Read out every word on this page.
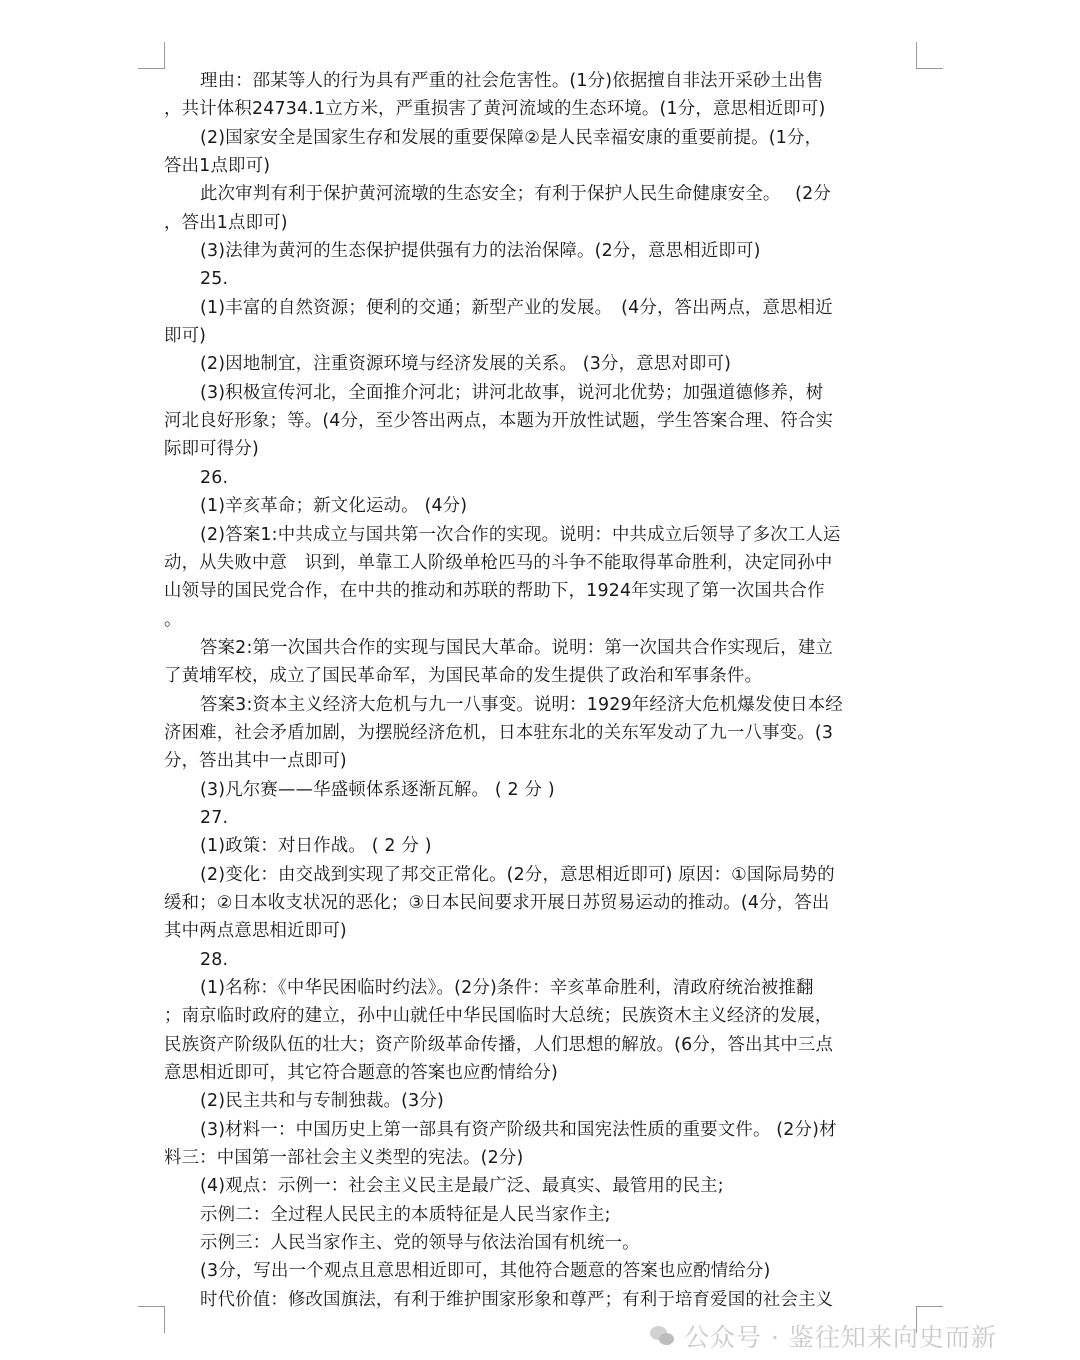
理由：邵某等人的行为具有严重的社会危害性。(1分)依据擅自非法开采砂土出售
，共计体积24734.1立方米，严重损害了黄河流域的生态环境。(1分，意思相近即可)
(2)国家安全是国家生存和发展的重要保障②是人民幸福安康的重要前提。(1分，
答出1点即可)
此次审判有利于保护黄河流墩的生态安全；有利于保护人民生命健康安全。　 (2分
，答出1点即可)
(3)法律为黄河的生态保护提供强有力的法治保障。(2分，意思相近即可)
25.
(1)丰富的自然资源；便利的交通；新型产业的发展。　(4分，答出两点，意思相近
即可)
(2)因地制宜，注重资源环境与经济发展的关系。 (3分，意思对即可)
(3)积极宣传河北，全面推介河北；讲河北故事，说河北优势；加强道德修养，树
河北良好形象；等。(4分，至少答出两点，本题为开放性试题，学生答案合理、符合实
际即可得分)
26.
(1)辛亥革命；新文化运动。 (4分)
(2)答案1:中共成立与国共第一次合作的实现。说明：中共成立后领导了多次工人运
动，从失败中意　识到，单靠工人阶级单枪匹马的斗争不能取得革命胜利，决定同孙中
山领导的国民党合作，在中共的推动和苏联的帮助下，1924年实现了第一次国共合作
。
答案2:第一次国共合作的实现与国民大革命。说明：第一次国共合作实现后，建立
了黄埔军校，成立了国民革命军，为国民革命的发生提供了政治和军事条件。
答案3:资本主义经济大危机与九一八事变。说明：1929年经济大危机爆发使日本经
济困难，社会矛盾加剧，为摆脱经济危机，日本驻东北的关东军发动了九一八事变。(3
分，答出其中一点即可)
(3)凡尔赛——华盛顿体系逐渐瓦解。 ( 2 分 )
27.
(1)政策：对日作战。 ( 2 分 )
(2)变化：由交战到实现了邦交正常化。(2分，意思相近即可) 原因：①国际局势的
缓和；②日本收支状况的恶化；③日本民间要求开展日苏贸易运动的推动。(4分，答出
其中两点意思相近即可)
28.
(1)名称：《中华民困临时约法》。(2分)条件：辛亥革命胜利，清政府统治被推翻
；南京临时政府的建立，孙中山就任中华民国临时大总统；民族资木主义经济的发展，
民族资产阶级队伍的壮大；资产阶级革命传播，人们思想的解放。(6分，答出其中三点
意思相近即可，其它符合题意的答案也应酌情给分)
(2)民主共和与专制独裁。(3分)
(3)材料一：中国历史上第一部具有资产阶级共和国宪法性质的重要文件。 (2分)材
料三：中国第一部社会主义类型的宪法。(2分)
(4)观点：示例一：社会主义民主是最广泛、最真实、最管用的民主;
示例二：全过程人民民主的本质特征是人民当家作主;
示例三：人民当家作主、党的领导与依法治国有机统一。
(3分，写出一个观点且意思相近即可，其他符合题意的答案也应酌情给分)
时代价值：修改国旗法，有利于维护围家形象和尊严；有利于培育爱国的社会主义
公众号 · 鉴往知来向史而新
